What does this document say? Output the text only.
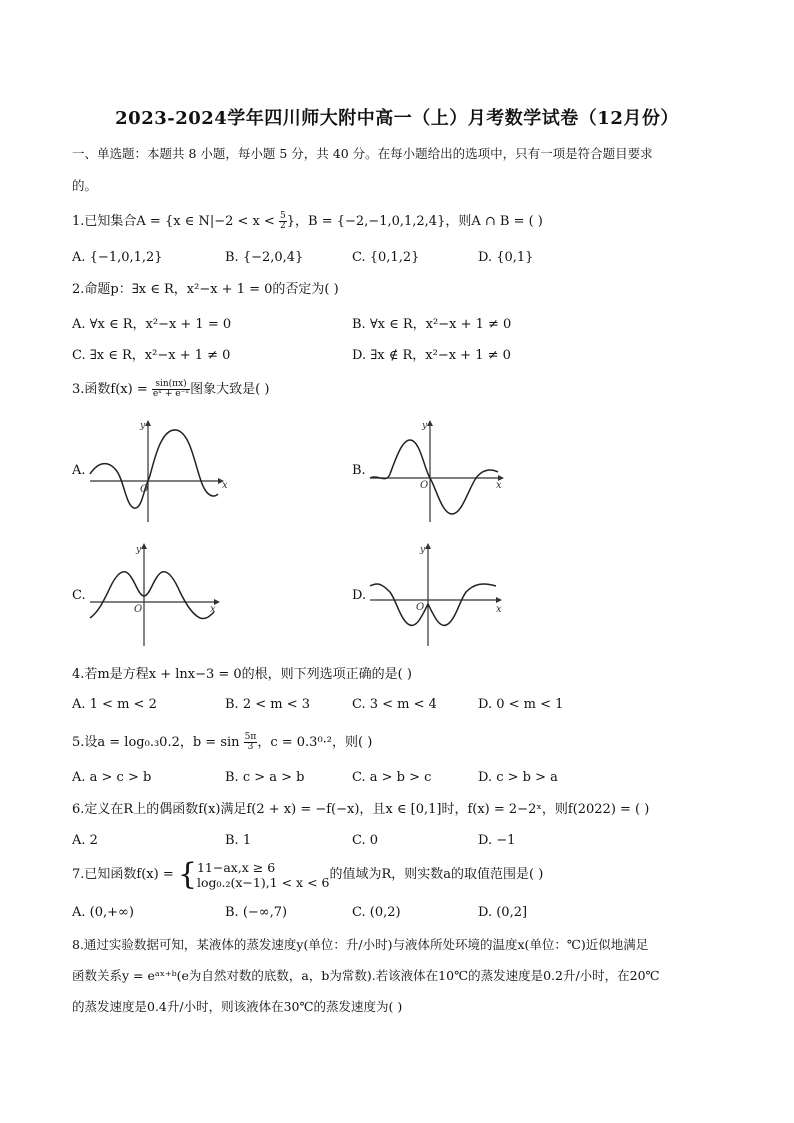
2023-2024学年四川师大附中高一（上）月考数学试卷（12月份）
一、单选题：本题共 8 小题，每小题 5 分，共 40 分。在每小题给出的选项中，只有一项是符合题目要求
的。
1.已知集合A = {x ∈ $N|-2 < x < \frac{5}{2}$ }，B = {−2,−1,0,1,2,4}，则A ∩ B = ( )
A. {−1,0,1,2}	B. {−2,0,4}	C. {0,1,2}	D. {0,1}
2.命题p：∃x ∈ R，x²−x + 1 = 0的否定为( )
A. ∀x ∈ R，x²−x + 1 = 0	B. ∀x ∈ R，x²−x + 1 ≠ 0
C. ∃x ∈ R，x²−x + 1 ≠ 0	D. ∃x ∉ R，x²−x + 1 ≠ 0
3.函数$f(x) = \frac{\sin(\pi x)}{\text{eˣ + e⁻ˣ}}$ 图象大致是( )
A.	B.
C.	D.
x
y
O	x
y
O
x
y
O	x
y
O
4.若m是方程x + lnx−3 = 0的根，则下列选项正确的是( )
A. 1 < m < 2	B. 2 < m < 3	C. 3 < m < 4	D. 0 < m < 1
5.设a = log₀.₃0.2，$b = \sin \frac{5\pi}{3}$ ，c = 0.3⁰·²，则( )
A. a > c > b	B. c > a > b	C. a > b > c	D. c > b > a
6.定义在R上的偶函数f(x)满足f(2 + x) = −f(−x)，且x ∈ [0,1]时，f(x) = 2−2ˣ，则f(2022) = ( )
A. 2	B. 1	C. 0	D. −1
7.已知函数f(x) = { 11−ax,x ≥ 6
log₀.₂(x−1),1 < x < 6 的值域为R，则实数a的取值范围是( )
A. (0,+∞)	B. (−∞,7)	C. (0,2)	D. (0,2]
8.通过实验数据可知，某液体的蒸发速度y(单位：升/小时)与液体所处环境的温度x(单位：℃)近似地满足
函数关系y = eᵃˣ⁺ᵇ(e为自然对数的底数，a，b为常数).若该液体在10℃的蒸发速度是0.2升/小时，在20℃
的蒸发速度是0.4升/小时，则该液体在30℃的蒸发速度为( )
